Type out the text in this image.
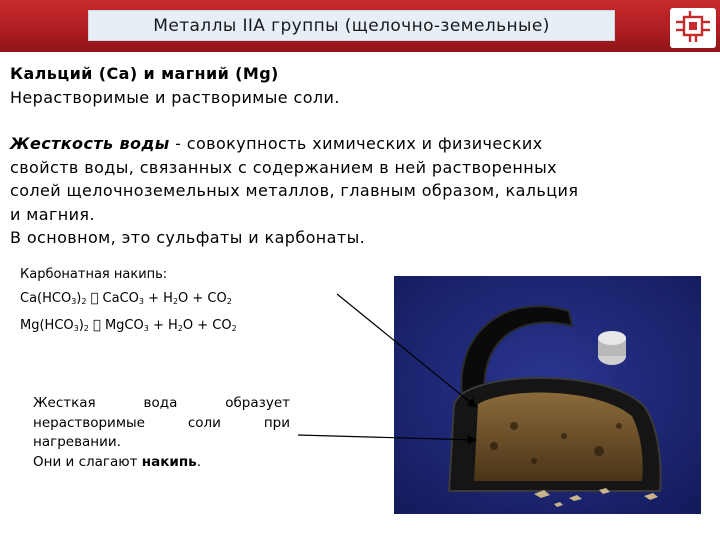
Металлы IIA группы (щелочно-земельные)
Кальций (Са) и магний (Mg)
Нерастворимые и растворимые соли.
Жесткость воды - совокупность химических и физических
свойств воды, связанных с содержанием в ней растворенных
солей щелочноземельных металлов, главным образом, кальция
и магния.
В основном, это сульфаты и карбонаты.
Карбонатная накипь:
$Ca(HCO_3)_2$ CaCO$_3$ + $H_2O + CO_2$
$Mg(HCO_3)_2$ MgCO$_3$ + $H_2O + CO_2$
Жесткая вода образует нерастворимые соли при нагревании.
Они и слагают накипь.
